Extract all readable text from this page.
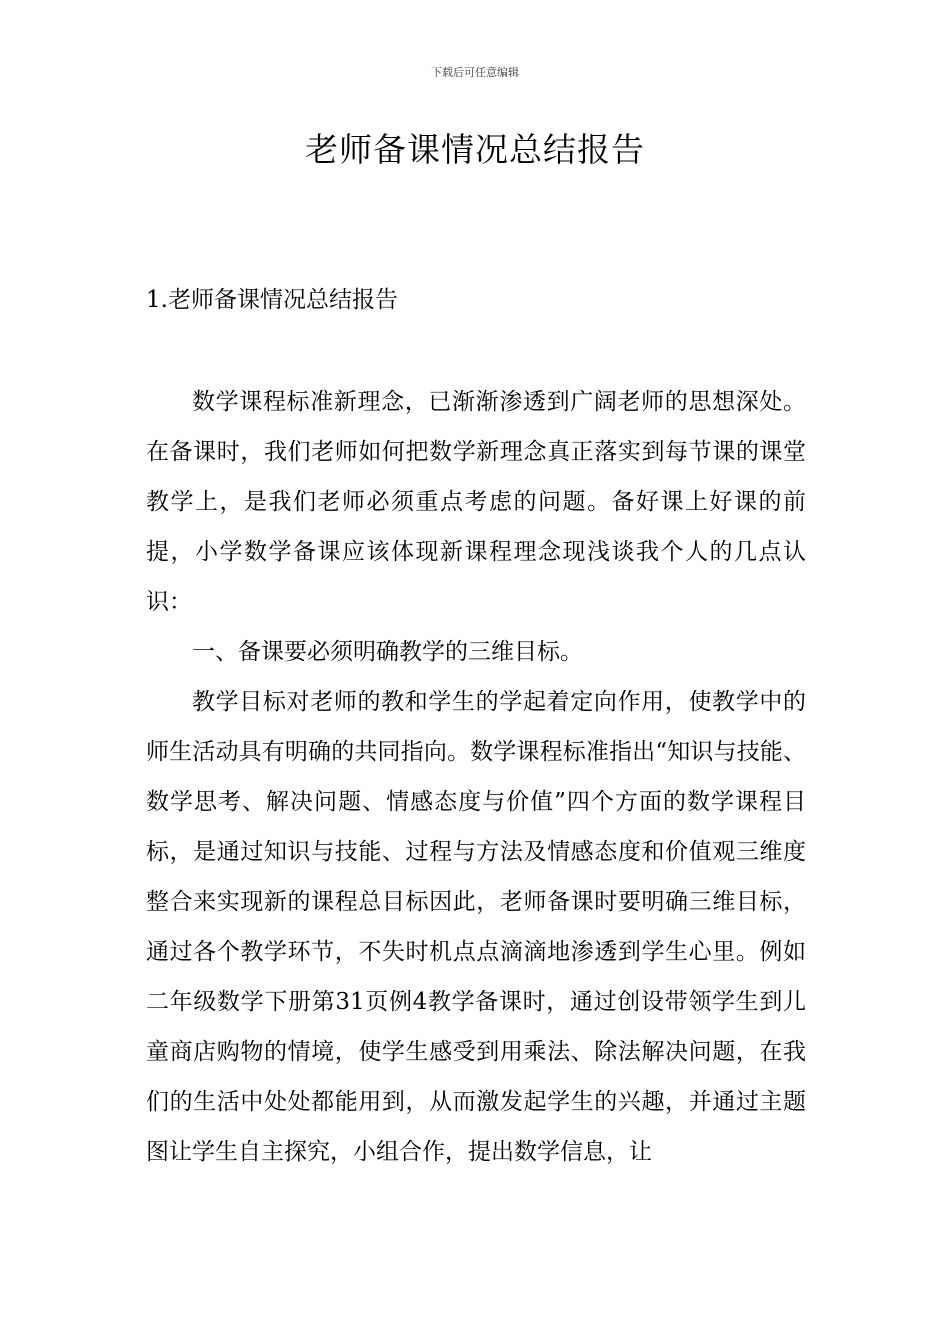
下载后可任意编辑
老师备课情况总结报告
1.老师备课情况总结报告

数学课程标准新理念，已渐渐渗透到广阔老师的思想深处。在备课时，我们老师如何把数学新理念真正落实到每节课的课堂教学上，是我们老师必须重点考虑的问题。备好课上好课的前提，小学数学备课应该体现新课程理念现浅谈我个人的几点认识：

一、备课要必须明确教学的三维目标。

教学目标对老师的教和学生的学起着定向作用，使教学中的师生活动具有明确的共同指向。数学课程标准指出“知识与技能、数学思考、解决问题、情感态度与价值”四个方面的数学课程目标，是通过知识与技能、过程与方法及情感态度和价值观三维度整合来实现新的课程总目标因此，老师备课时要明确三维目标，通过各个教学环节，不失时机点点滴滴地渗透到学生心里。例如二年级数学下册第31页例4教学备课时，通过创设带领学生到儿童商店购物的情境，使学生感受到用乘法、除法解决问题，在我们的生活中处处都能用到，从而激发起学生的兴趣，并通过主题图让学生自主探究，小组合作，提出数学信息，让
